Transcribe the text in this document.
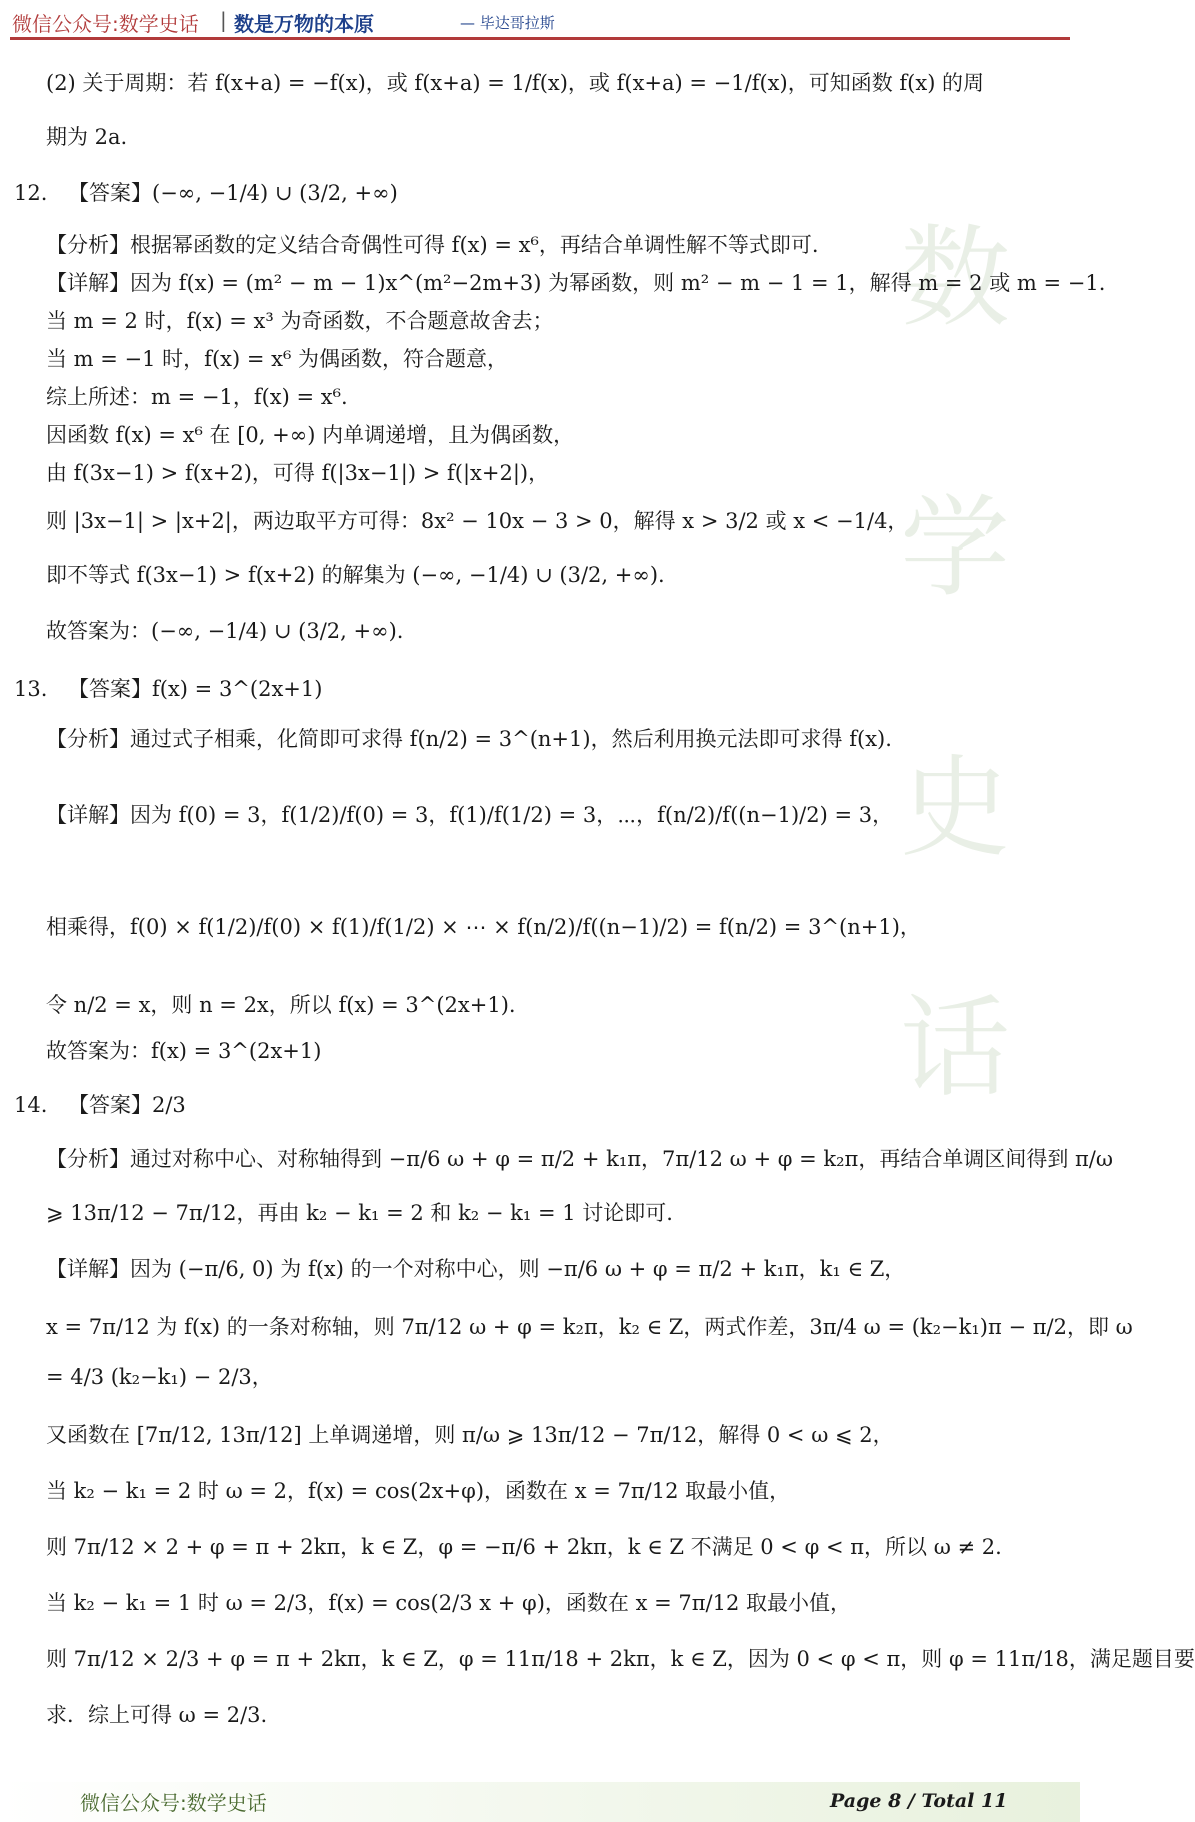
微信公众号:数学史话 | 数是万物的本原	— 毕达哥拉斯
数
学
史
话
(2) 关于周期：若 f(x+a) = −f(x)，或 f(x+a) = 1/f(x)，或 f(x+a) = −1/f(x)，可知函数 f(x) 的周
期为 2a.
12. 【答案】(−∞, −1/4) ∪ (3/2, +∞)
【分析】根据幂函数的定义结合奇偶性可得 f(x) = x⁶，再结合单调性解不等式即可.
【详解】因为 f(x) = (m² − m − 1)x^(m²−2m+3) 为幂函数，则 m² − m − 1 = 1，解得 m = 2 或 m = −1.
当 m = 2 时，f(x) = x³ 为奇函数，不合题意故舍去；
当 m = −1 时，f(x) = x⁶ 为偶函数，符合题意，
综上所述：m = −1，f(x) = x⁶.
因函数 f(x) = x⁶ 在 [0, +∞) 内单调递增，且为偶函数，
由 f(3x−1) > f(x+2)，可得 f(|3x−1|) > f(|x+2|)，
则 |3x−1| > |x+2|，两边取平方可得：8x² − 10x − 3 > 0，解得 x > 3/2 或 x < −1/4，
即不等式 f(3x−1) > f(x+2) 的解集为 (−∞, −1/4) ∪ (3/2, +∞).
故答案为：(−∞, −1/4) ∪ (3/2, +∞).
13. 【答案】f(x) = 3^(2x+1)
【分析】通过式子相乘，化简即可求得 f(n/2) = 3^(n+1)，然后利用换元法即可求得 f(x).
【详解】因为 f(0) = 3，f(1/2)/f(0) = 3，f(1)/f(1/2) = 3，⋯，f(n/2)/f((n−1)/2) = 3，
相乘得，f(0) × f(1/2)/f(0) × f(1)/f(1/2) × ⋯ × f(n/2)/f((n−1)/2) = f(n/2) = 3^(n+1)，
令 n/2 = x，则 n = 2x，所以 f(x) = 3^(2x+1).
故答案为：f(x) = 3^(2x+1)
14. 【答案】2/3
【分析】通过对称中心、对称轴得到 −π/6 ω + φ = π/2 + k₁π，7π/12 ω + φ = k₂π，再结合单调区间得到 π/ω
⩾ 13π/12 − 7π/12，再由 k₂ − k₁ = 2 和 k₂ − k₁ = 1 讨论即可.
【详解】因为 (−π/6, 0) 为 f(x) 的一个对称中心，则 −π/6 ω + φ = π/2 + k₁π，k₁ ∈ Z，
x = 7π/12 为 f(x) 的一条对称轴，则 7π/12 ω + φ = k₂π，k₂ ∈ Z，两式作差，3π/4 ω = (k₂−k₁)π − π/2，即 ω
= 4/3 (k₂−k₁) − 2/3，
又函数在 [7π/12, 13π/12] 上单调递增，则 π/ω ⩾ 13π/12 − 7π/12，解得 0 < ω ⩽ 2，
当 k₂ − k₁ = 2 时 ω = 2，f(x) = cos(2x+φ)，函数在 x = 7π/12 取最小值，
则 7π/12 × 2 + φ = π + 2kπ，k ∈ Z，φ = −π/6 + 2kπ，k ∈ Z 不满足 0 < φ < π，所以 ω ≠ 2.
当 k₂ − k₁ = 1 时 ω = 2/3，f(x) = cos(2/3 x + φ)，函数在 x = 7π/12 取最小值，
则 7π/12 × 2/3 + φ = π + 2kπ，k ∈ Z，φ = 11π/18 + 2kπ，k ∈ Z，因为 0 < φ < π，则 φ = 11π/18，满足题目要
求．综上可得 ω = 2/3.
微信公众号:数学史话	Page 8 / Total 11
